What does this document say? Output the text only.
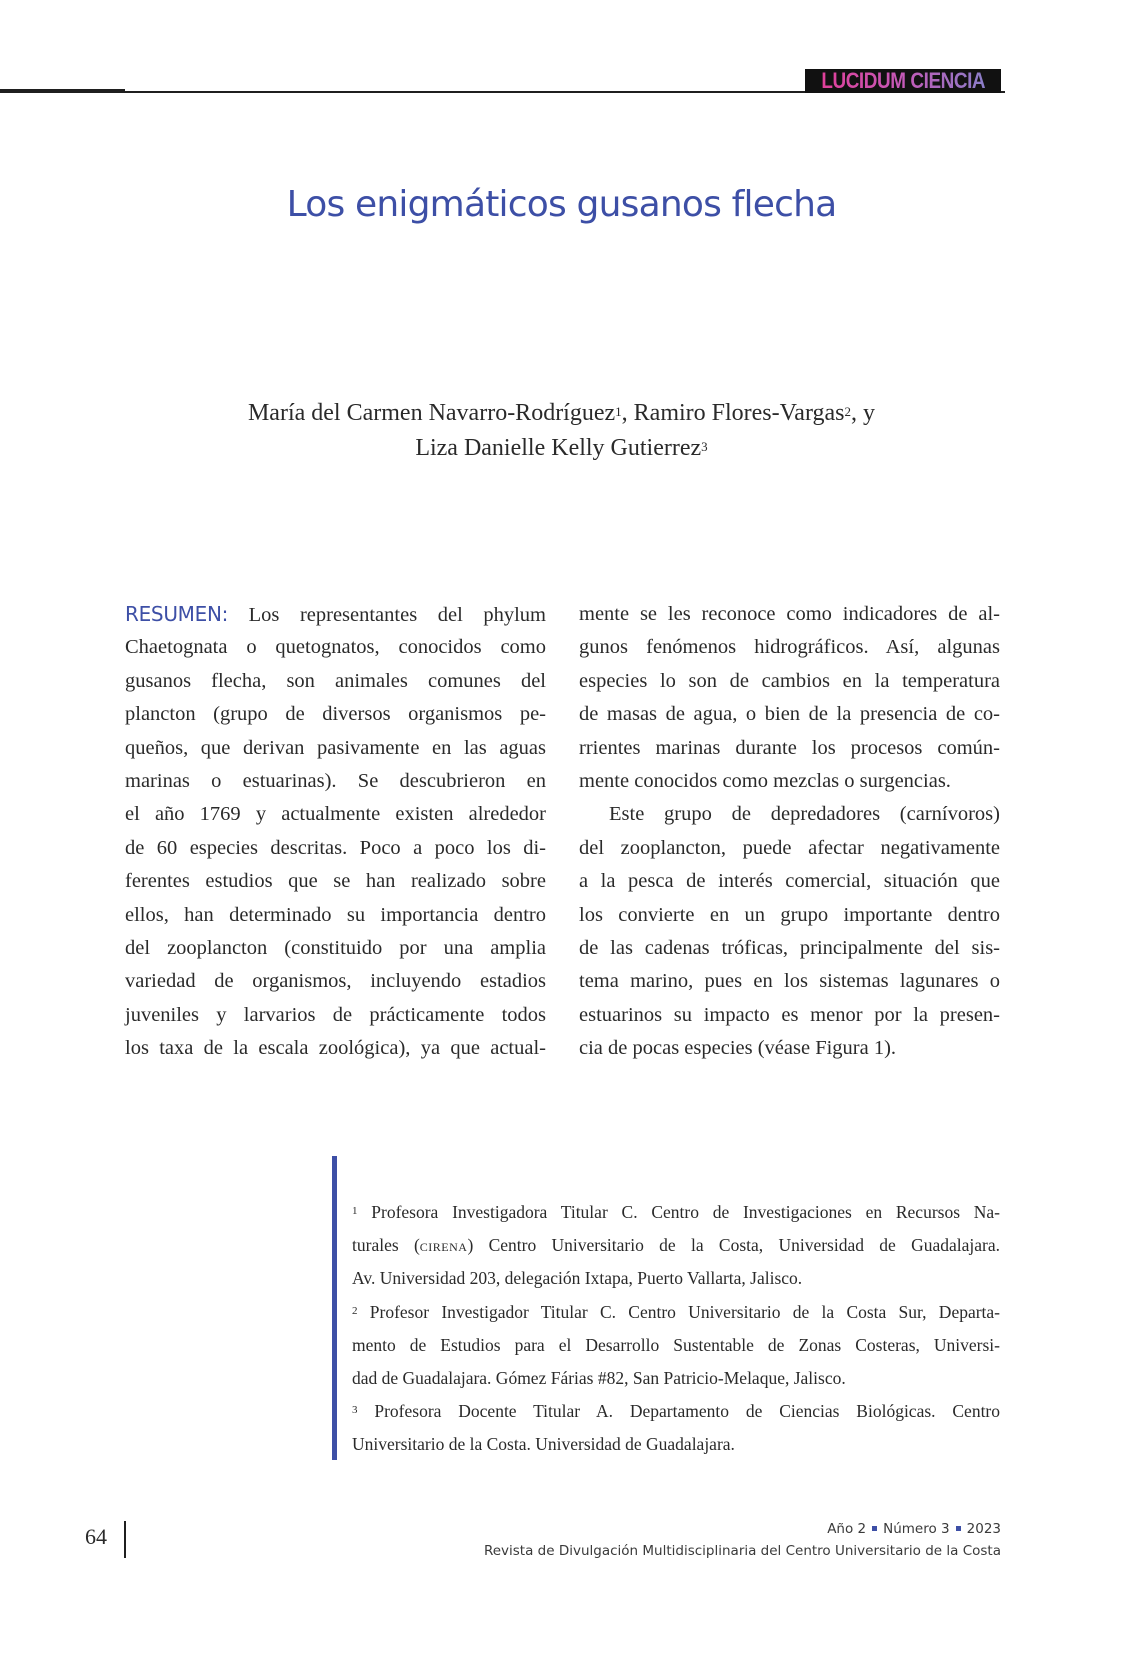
LUCIDUM CIENCIA
Los enigmáticos gusanos flecha
María del Carmen Navarro-Rodríguez$^1$, Ramiro Flores-Vargas$^2$, y
Liza Danielle Kelly Gutierrez$^3$
RESUMEN: Los representantes del phylum
Chaetognata o quetognatos, conocidos como
gusanos flecha, son animales comunes del
plancton (grupo de diversos organismos pe-
queños, que derivan pasivamente en las aguas
marinas o estuarinas). Se descubrieron en
el año 1769 y actualmente existen alrededor
de 60 especies descritas. Poco a poco los di-
ferentes estudios que se han realizado sobre
ellos, han determinado su importancia dentro
del zooplancton (constituido por una amplia
variedad de organismos, incluyendo estadios
juveniles y larvarios de prácticamente todos
los taxa de la escala zoológica), ya que actual-
mente se les reconoce como indicadores de al-
gunos fenómenos hidrográficos. Así, algunas
especies lo son de cambios en la temperatura
de masas de agua, o bien de la presencia de co-
rrientes marinas durante los procesos común-
mente conocidos como mezclas o surgencias.
Este grupo de depredadores (carnívoros)
del zooplancton, puede afectar negativamente
a la pesca de interés comercial, situación que
los convierte en un grupo importante dentro
de las cadenas tróficas, principalmente del sis-
tema marino, pues en los sistemas lagunares o
estuarinos su impacto es menor por la presen-
cia de pocas especies (véase Figura 1).
$^1$ Profesora Investigadora Titular C. Centro de Investigaciones en Recursos Na-
turales (cirena) Centro Universitario de la Costa, Universidad de Guadalajara.
Av. Universidad 203, delegación Ixtapa, Puerto Vallarta, Jalisco.
$^2$ Profesor Investigador Titular C. Centro Universitario de la Costa Sur, Departa-
mento de Estudios para el Desarrollo Sustentable de Zonas Costeras, Universi-
dad de Guadalajara. Gómez Fárias #82, San Patricio-Melaque, Jalisco.
$^3$ Profesora Docente Titular A. Departamento de Ciencias Biológicas. Centro
Universitario de la Costa. Universidad de Guadalajara.
64	Año 2 Número 3 2023
Revista de Divulgación Multidisciplinaria del Centro Universitario de la Costa
